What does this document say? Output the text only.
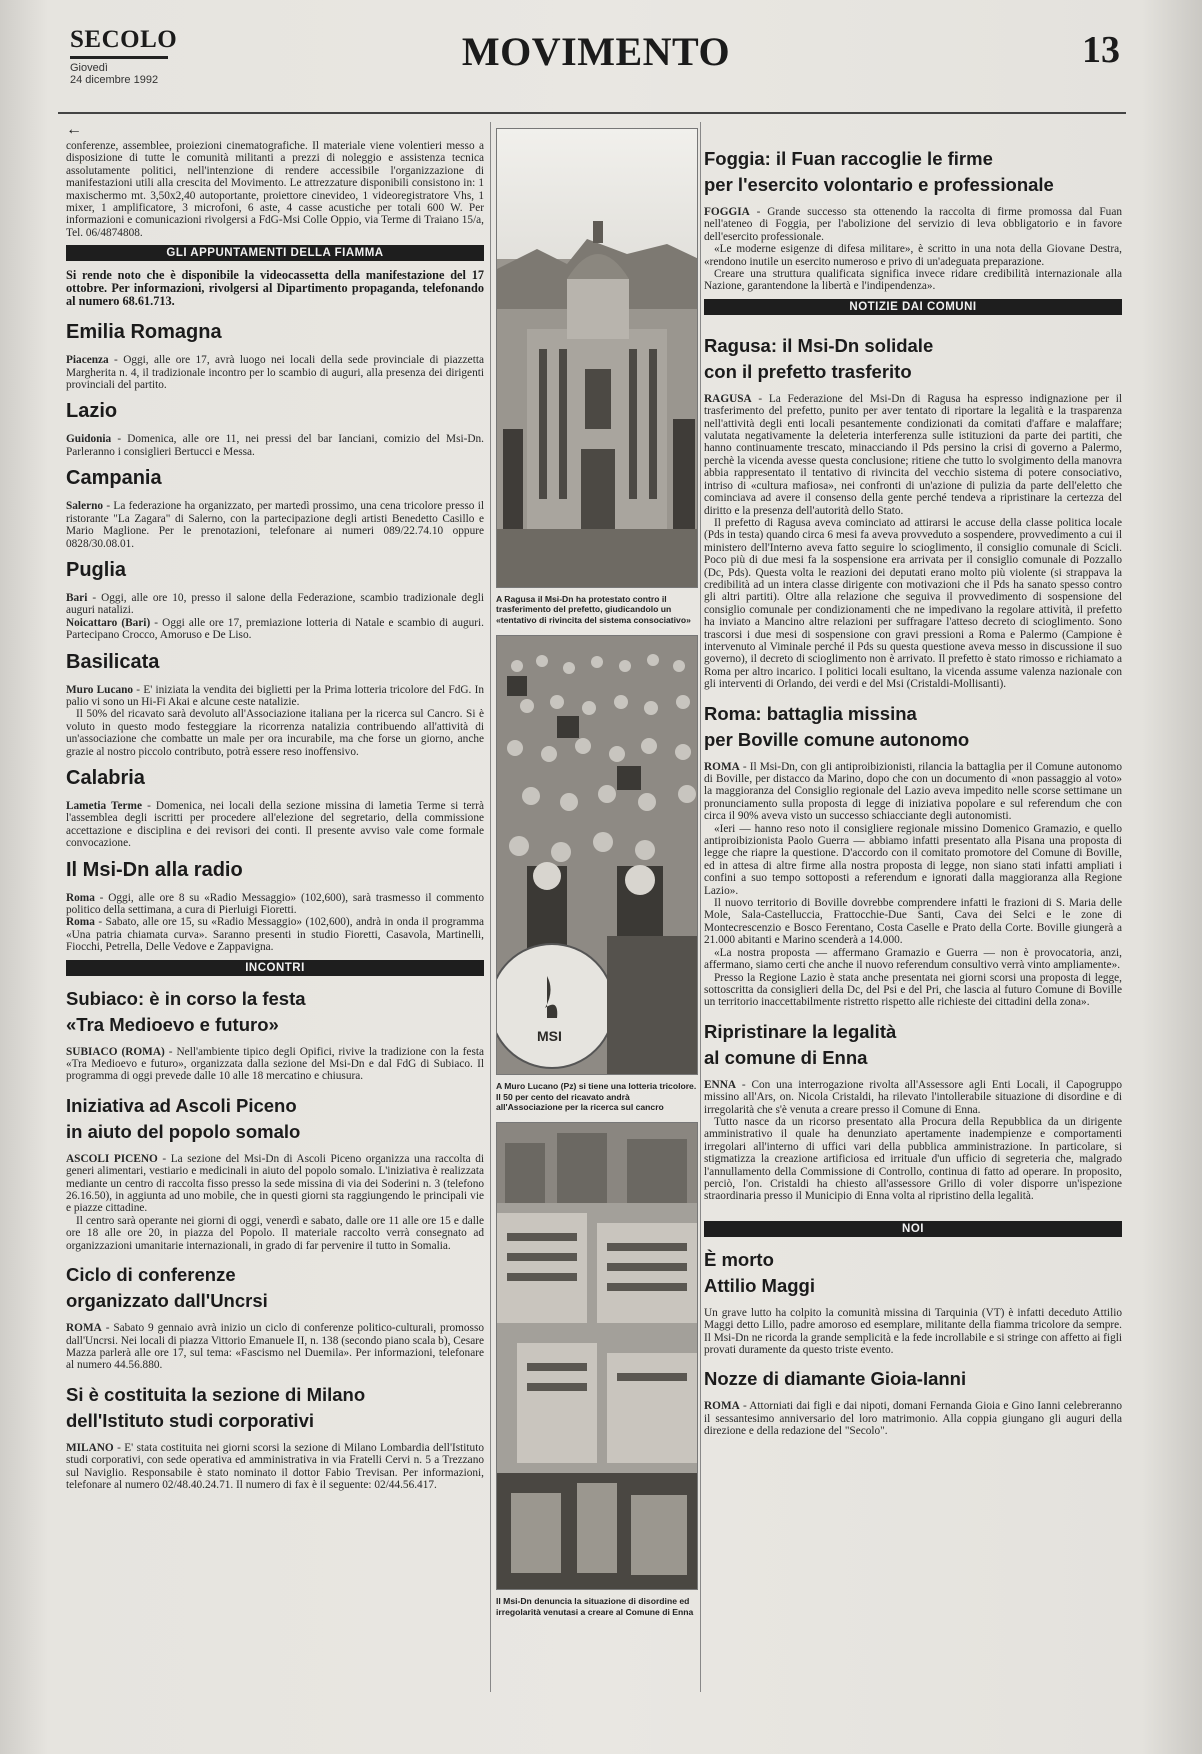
SECOLO
Giovedì
24 dicembre 1992
MOVIMENTO	13
←

conferenze, assemblee, proiezioni cinematografiche. Il materiale viene volentieri messo a disposizione di tutte le comunità militanti a prezzi di noleggio e assistenza tecnica assolutamente politici, nell'intenzione di rendere accessibile l'organizzazione di manifestazioni utili alla crescita del Movimento. Le attrezzature disponibili consistono in: 1 maxischermo mt. 3,50x2,40 autoportante, proiettore cinevideo, 1 videoregistratore Vhs, 1 mixer, 1 amplificatore, 3 microfoni, 6 aste, 4 casse acustiche per totali 600 W. Per informazioni e comunicazioni rivolgersi a FdG-Msi Colle Oppio, via Terme di Traiano 15/a, Tel. 06/4874808.

GLI APPUNTAMENTI DELLA FIAMMA

Si rende noto che è disponibile la videocassetta della manifestazione del 17 ottobre. Per informazioni, rivolgersi al Dipartimento propaganda, telefonando al numero 68.61.713.

Emilia Romagna

Piacenza - Oggi, alle ore 17, avrà luogo nei locali della sede provinciale di piazzetta Margherita n. 4, il tradizionale incontro per lo scambio di auguri, alla presenza dei dirigenti provinciali del partito.

Lazio

Guidonia - Domenica, alle ore 11, nei pressi del bar Ianciani, comizio del Msi-Dn. Parleranno i consiglieri Bertucci e Messa.

Campania

Salerno - La federazione ha organizzato, per martedì prossimo, una cena tricolore presso il ristorante "La Zagara" di Salerno, con la partecipazione degli artisti Benedetto Casillo e Mario Maglione. Per le prenotazioni, telefonare ai numeri 089/22.74.10 oppure 0828/30.08.01.

Puglia

Bari - Oggi, alle ore 10, presso il salone della Federazione, scambio tradizionale degli auguri natalizi.

Noicattaro (Bari) - Oggi alle ore 17, premiazione lotteria di Natale e scambio di auguri. Partecipano Crocco, Amoruso e De Liso.

Basilicata

Muro Lucano - E' iniziata la vendita dei biglietti per la Prima lotteria tricolore del FdG. In palio vi sono un Hi-Fi Akai e alcune ceste natalizie.

Il 50% del ricavato sarà devoluto all'Associazione italiana per la ricerca sul Cancro. Si è voluto in questo modo festeggiare la ricorrenza natalizia contribuendo all'attività di un'associazione che combatte un male per ora incurabile, ma che forse un giorno, anche grazie al nostro piccolo contributo, potrà essere reso inoffensivo.

Calabria

Lametia Terme - Domenica, nei locali della sezione missina di lametia Terme si terrà l'assemblea degli iscritti per procedere all'elezione del segretario, della commissione accettazione e disciplina e dei revisori dei conti. Il presente avviso vale come formale convocazione.

Il Msi-Dn alla radio

Roma - Oggi, alle ore 8 su «Radio Messaggio» (102,600), sarà trasmesso il commento politico della settimana, a cura di Pierluigi Fioretti.

Roma - Sabato, alle ore 15, su «Radio Messaggio» (102,600), andrà in onda il programma «Una patria chiamata curva». Saranno presenti in studio Fioretti, Casavola, Martinelli, Fiocchi, Petrella, Delle Vedove e Zappavigna.

INCONTRI
Subiaco: è in corso la festa
«Tra Medioevo e futuro»

SUBIACO (ROMA) - Nell'ambiente tipico degli Opifici, rivive la tradizione con la festa «Tra Medioevo e futuro», organizzata dalla sezione del Msi-Dn e dal FdG di Subiaco. Il programma di oggi prevede dalle 10 alle 18 mercatino e chiusura.

Iniziativa ad Ascoli Piceno
in aiuto del popolo somalo

ASCOLI PICENO - La sezione del Msi-Dn di Ascoli Piceno organizza una raccolta di generi alimentari, vestiario e medicinali in aiuto del popolo somalo. L'iniziativa è realizzata mediante un centro di raccolta fisso presso la sede missina di via dei Soderini n. 3 (telefono 26.16.50), in aggiunta ad uno mobile, che in questi giorni sta raggiungendo le principali vie e piazze cittadine.

Il centro sarà operante nei giorni di oggi, venerdì e sabato, dalle ore 11 alle ore 15 e dalle ore 18 alle ore 20, in piazza del Popolo. Il materiale raccolto verrà consegnato ad organizzazioni umanitarie internazionali, in grado di far pervenire il tutto in Somalia.

Ciclo di conferenze
organizzato dall'Uncrsi

ROMA - Sabato 9 gennaio avrà inizio un ciclo di conferenze politico-culturali, promosso dall'Uncrsi. Nei locali di piazza Vittorio Emanuele II, n. 138 (secondo piano scala b), Cesare Mazza parlerà alle ore 17, sul tema: «Fascismo nel Duemila». Per informazioni, telefonare al numero 44.56.880.

Si è costituita la sezione di Milano
dell'Istituto studi corporativi

MILANO - E' stata costituita nei giorni scorsi la sezione di Milano Lombardia dell'Istituto studi corporativi, con sede operativa ed amministrativa in via Fratelli Cervi n. 5 a Trezzano sul Naviglio. Responsabile è stato nominato il dottor Fabio Trevisan. Per informazioni, telefonare al numero 02/48.40.24.71. Il numero di fax è il seguente: 02/44.56.417.

A Ragusa il Msi-Dn ha protestato contro il trasferimento del prefetto, giudicandolo un «tentativo di rivincita del sistema consociativo»
MSI
A Muro Lucano (Pz) si tiene una lotteria tricolore. Il 50 per cento del ricavato andrà all'Associazione per la ricerca sul cancro
Il Msi-Dn denuncia la situazione di disordine ed irregolarità venutasi a creare al Comune di Enna
Foggia: il Fuan raccoglie le firme
per l'esercito volontario e professionale

FOGGIA - Grande successo sta ottenendo la raccolta di firme promossa dal Fuan nell'ateneo di Foggia, per l'abolizione del servizio di leva obbligatorio e in favore dell'esercito professionale.

«Le moderne esigenze di difesa militare», è scritto in una nota della Giovane Destra, «rendono inutile un esercito numeroso e privo di un'adeguata preparazione.

Creare una struttura qualificata significa invece ridare credibilità internazionale alla Nazione, garantendone la libertà e l'indipendenza».

NOTIZIE DAI COMUNI
Ragusa: il Msi-Dn solidale
con il prefetto trasferito

RAGUSA - La Federazione del Msi-Dn di Ragusa ha espresso indignazione per il trasferimento del prefetto, punito per aver tentato di riportare la legalità e la trasparenza nell'attività degli enti locali pesantemente condizionati da comitati d'affare e malaffare; valutata negativamente la deleteria interferenza sulle istituzioni da parte dei partiti, che hanno continuamente trescato, minacciando il Pds persino la crisi di governo a Palermo, perchè la vicenda avesse questa conclusione; ritiene che tutto lo svolgimento della manovra abbia rappresentato il tentativo di rivincita del vecchio sistema di potere consociativo, intriso di «cultura mafiosa», nei confronti di un'azione di pulizia da parte dell'eletto che cominciava ad avere il consenso della gente perché tendeva a ripristinare la certezza del diritto e la presenza dell'autorità dello Stato.

Il prefetto di Ragusa aveva cominciato ad attirarsi le accuse della classe politica locale (Pds in testa) quando circa 6 mesi fa aveva provveduto a sospendere, provvedimento a cui il ministero dell'Interno aveva fatto seguire lo scioglimento, il consiglio comunale di Scicli. Poco più di due mesi fa la sospensione era arrivata per il consiglio comunale di Pozzallo (Dc, Pds). Questa volta le reazioni dei deputati erano molto più violente (si strappava la credibilità ad un intera classe dirigente con motivazioni che il Pds ha sanato spesso contro gli altri partiti). Oltre alla relazione che seguiva il provvedimento di sospensione del consiglio comunale per condizionamenti che ne impedivano la regolare attività, il prefetto ha inviato a Mancino altre relazioni per suffragare l'atteso decreto di scioglimento. Sono trascorsi i due mesi di sospensione con gravi pressioni a Roma e Palermo (Campione è intervenuto al Viminale perché il Pds su questa questione aveva messo in discussione il suo governo), il decreto di scioglimento non è arrivato. Il prefetto è stato rimosso e richiamato a Roma per altro incarico. I politici locali esultano, la vicenda assume valenza nazionale con gli interventi di Orlando, dei verdi e del Msi (Cristaldi-Mollisanti).

Roma: battaglia missina
per Boville comune autonomo

ROMA - Il Msi-Dn, con gli antiproibizionisti, rilancia la battaglia per il Comune autonomo di Boville, per distacco da Marino, dopo che con un documento di «non passaggio al voto» la maggioranza del Consiglio regionale del Lazio aveva impedito nelle scorse settimane un pronunciamento sulla proposta di legge di iniziativa popolare e sul referendum che con circa il 90% aveva visto un successo schiacciante degli autonomisti.

«Ieri — hanno reso noto il consigliere regionale missino Domenico Gramazio, e quello antiproibizionista Paolo Guerra — abbiamo infatti presentato alla Pisana una proposta di legge che riapre la questione. D'accordo con il comitato promotore del Comune di Boville, ed in attesa di altre firme alla nostra proposta di legge, non siano stati infatti ampliati i confini a suo tempo sottoposti a referendum e ignorati dalla maggioranza alla Regione Lazio».

Il nuovo territorio di Boville dovrebbe comprendere infatti le frazioni di S. Maria delle Mole, Sala-Castelluccia, Frattocchie-Due Santi, Cava dei Selci e le zone di Montecrescenzio e Bosco Ferentano, Costa Caselle e Prato della Corte. Boville giungerà a 21.000 abitanti e Marino scenderà a 14.000.

«La nostra proposta — affermano Gramazio e Guerra — non è provocatoria, anzi, affermano, siamo certi che anche il nuovo referendum consultivo verrà vinto ampliamente».

Presso la Regione Lazio è stata anche presentata nei giorni scorsi una proposta di legge, sottoscritta da consiglieri della Dc, del Psi e del Pri, che lascia al futuro Comune di Boville un territorio inaccettabilmente ristretto rispetto alle richieste dei cittadini della zona».

Ripristinare la legalità
al comune di Enna

ENNA - Con una interrogazione rivolta all'Assessore agli Enti Locali, il Capogruppo missino all'Ars, on. Nicola Cristaldi, ha rilevato l'intollerabile situazione di disordine e di irregolarità che s'è venuta a creare presso il Comune di Enna.

Tutto nasce da un ricorso presentato alla Procura della Repubblica da un dirigente amministrativo il quale ha denunziato apertamente inadempienze e comportamenti irregolari all'interno di uffici vari della pubblica amministrazione. In particolare, si stigmatizza la creazione artificiosa ed irrituale d'un ufficio di segreteria che, malgrado l'annullamento della Commissione di Controllo, continua di fatto ad operare. In proposito, perciò, l'on. Cristaldi ha chiesto all'assessore Grillo di voler disporre un'ispezione straordinaria presso il Municipio di Enna volta al ripristino della legalità.

NOI
È morto
Attilio Maggi

Un grave lutto ha colpito la comunità missina di Tarquinia (VT) è infatti deceduto Attilio Maggi detto Lillo, padre amoroso ed esemplare, militante della fiamma tricolore da sempre. Il Msi-Dn ne ricorda la grande semplicità e la fede incrollabile e si stringe con affetto ai figli provati duramente da questo triste evento.

Nozze di diamante Gioia-Ianni

ROMA - Attorniati dai figli e dai nipoti, domani Fernanda Gioia e Gino Ianni celebreranno il sessantesimo anniversario del loro matrimonio. Alla coppia giungano gli auguri della direzione e della redazione del "Secolo".
